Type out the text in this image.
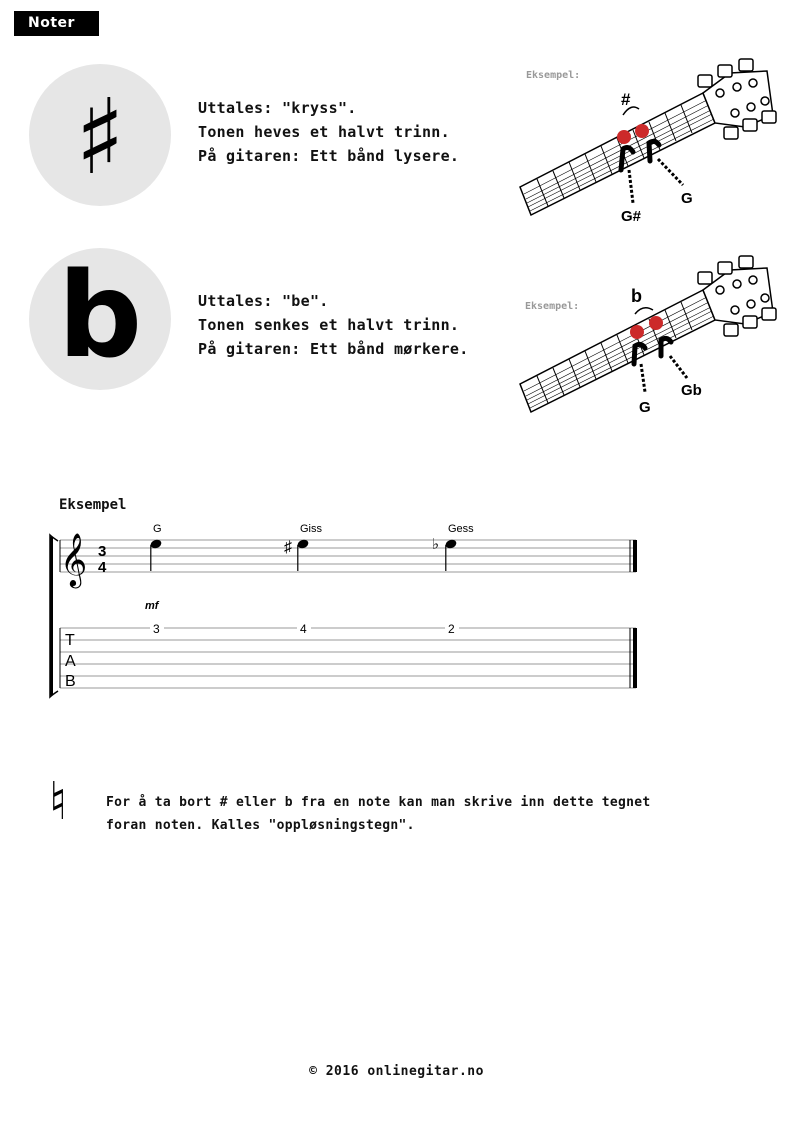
Noter
♯	Uttales: "kryss".
Tonen heves et halvt trinn.
På gitaren: Ett bånd lysere.
Eksempel:
#
G#
G
b	Uttales: "be".
Tonen senkes et halvt trinn.
På gitaren: Ett bånd mørkere.
Eksempel:
b
G
Gb
Eksempel
𝄞 3
4
G	Giss
♯
Gess
♭
mf
T
A
B
3	4	2
♮	For å ta bort # eller b fra en note kan man skrive inn dette tegnet
foran noten. Kalles "oppløsningstegn".
© 2016 onlinegitar.no
